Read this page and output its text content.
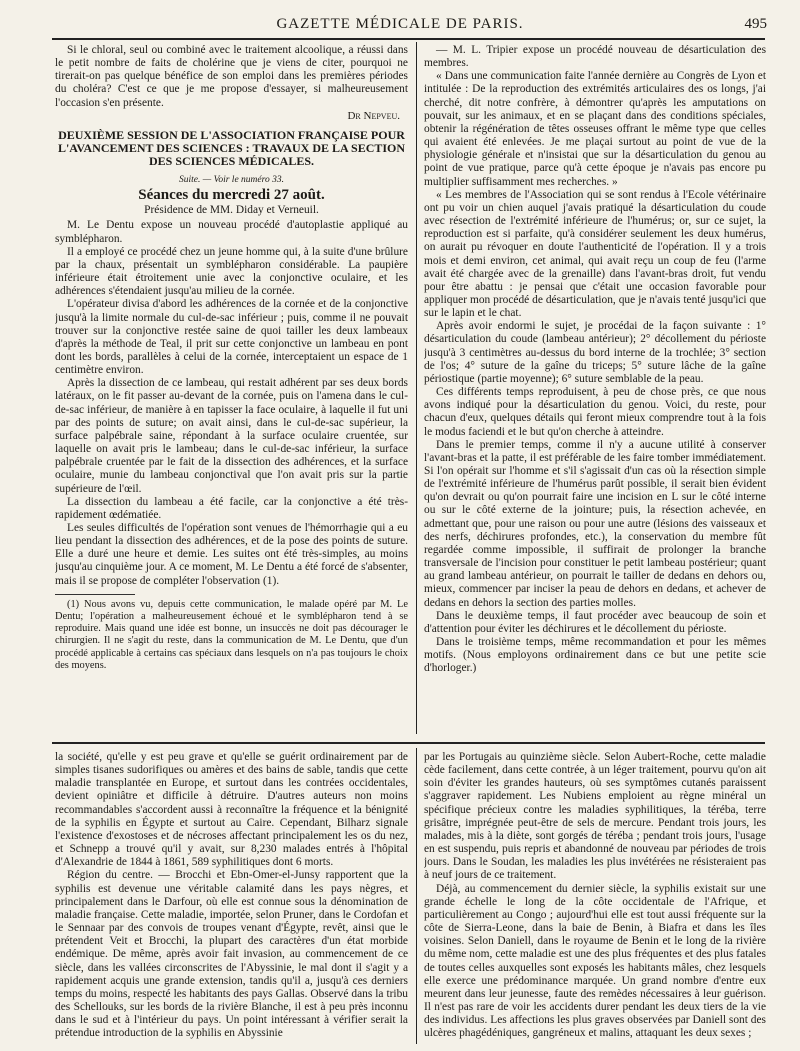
GAZETTE MÉDICALE DE PARIS.	495

Si le chloral, seul ou combiné avec le traitement alcoolique, a réussi dans le petit nombre de faits de cholérine que je viens de citer, pourquoi ne tirerait-on pas quelque bénéfice de son emploi dans les premières périodes du choléra? C'est ce que je me propose d'essayer, si malheureusement l'occasion s'en présente.

Dr Nepveu.
DEUXIÈME SESSION DE L'ASSOCIATION FRANÇAISE POUR L'AVANCEMENT DES SCIENCES : TRAVAUX DE LA SECTION DES SCIENCES MÉDICALES.
Suite. — Voir le numéro 33.
Séances du mercredi 27 août.
Présidence de MM. Diday et Verneuil.

M. Le Dentu expose un nouveau procédé d'autoplastie appliqué au symblépharon.

Il a employé ce procédé chez un jeune homme qui, à la suite d'une brûlure par la chaux, présentait un symblépharon considérable. La paupière inférieure était étroitement unie avec la conjonctive oculaire, et les adhérences s'étendaient jusqu'au milieu de la cornée.

L'opérateur divisa d'abord les adhérences de la cornée et de la conjonctive jusqu'à la limite normale du cul-de-sac inférieur ; puis, comme il ne pouvait trouver sur la conjonctive restée saine de quoi tailler les deux lambeaux d'après la méthode de Teal, il prit sur cette conjonctive un lambeau en pont dont les bords, parallèles à celui de la cornée, interceptaient un espace de 1 centimètre environ.

Après la dissection de ce lambeau, qui restait adhérent par ses deux bords latéraux, on le fit passer au-devant de la cornée, puis on l'amena dans le cul-de-sac inférieur, de manière à en tapisser la face oculaire, à laquelle il fut uni par des points de suture; on avait ainsi, dans le cul-de-sac supérieur, la surface palpébrale saine, répondant à la surface oculaire cruentée, sur laquelle on avait pris le lambeau; dans le cul-de-sac inférieur, la surface palpébrale cruentée par le fait de la dissection des adhérences, et la surface oculaire, munie du lambeau conjonctival que l'on avait pris sur la partie supérieure de l'œil.

La dissection du lambeau a été facile, car la conjonctive a été très-rapidement œdématiée.

Les seules difficultés de l'opération sont venues de l'hémorrhagie qui a eu lieu pendant la dissection des adhérences, et de la pose des points de suture. Elle a duré une heure et demie. Les suites ont été très-simples, au moins jusqu'au cinquième jour. A ce moment, M. Le Dentu a été forcé de s'absenter, mais il se propose de compléter l'observation (1).

(1) Nous avons vu, depuis cette communication, le malade opéré par M. Le Dentu; l'opération a malheureusement échoué et le symblépharon tend à se reproduire. Mais quand une idée est bonne, un insuccès ne doit pas décourager le chirurgien. Il ne s'agit du reste, dans la communication de M. Le Dentu, que d'un procédé applicable à certains cas spéciaux dans lesquels on n'a pas toujours le choix des moyens.

— M. L. Tripier expose un procédé nouveau de désarticulation des membres.

« Dans une communication faite l'année dernière au Congrès de Lyon et intitulée : De la reproduction des extrémités articulaires des os longs, j'ai cherché, dit notre confrère, à démontrer qu'après les amputations on pouvait, sur les animaux, et en se plaçant dans des conditions spéciales, obtenir la régénération de têtes osseuses offrant le même type que celles qui avaient été enlevées. Je me plaçai surtout au point de vue de la physiologie générale et n'insistai que sur la désarticulation du genou au point de vue pratique, parce qu'à cette époque je n'avais pas encore pu multiplier suffisamment mes recherches. »

« Les membres de l'Association qui se sont rendus à l'Ecole vétérinaire ont pu voir un chien auquel j'avais pratiqué la désarticulation du coude avec résection de l'extrémité inférieure de l'humérus; or, sur ce sujet, la reproduction est si parfaite, qu'à considérer seulement les deux humérus, on aurait pu révoquer en doute l'authenticité de l'opération. Il y a trois mois et demi environ, cet animal, qui avait reçu un coup de feu (l'arme avait été chargée avec de la grenaille) dans l'avant-bras droit, fut vendu pour être abattu : je pensai que c'était une occasion favorable pour appliquer mon procédé de désarticulation, que je n'avais tenté jusqu'ici que sur le lapin et le chat.

Après avoir endormi le sujet, je procédai de la façon suivante : 1° désarticulation du coude (lambeau antérieur); 2° décollement du périoste jusqu'à 3 centimètres au-dessus du bord interne de la trochlée; 3° section de l'os; 4° suture de la gaîne du triceps; 5° suture lâche de la gaîne périostique (partie moyenne); 6° suture semblable de la peau.

Ces différents temps reproduisent, à peu de chose près, ce que nous avons indiqué pour la désarticulation du genou. Voici, du reste, pour chacun d'eux, quelques détails qui feront mieux comprendre tout à la fois le modus faciendi et le but qu'on cherche à atteindre.

Dans le premier temps, comme il n'y a aucune utilité à conserver l'avant-bras et la patte, il est préférable de les faire tomber immédiatement. Si l'on opérait sur l'homme et s'il s'agissait d'un cas où la résection simple de l'extrémité inférieure de l'humérus parût possible, il serait bien évident qu'on devrait ou qu'on pourrait faire une incision en L sur le côté interne ou sur le côté externe de la jointure; puis, la résection achevée, en admettant que, pour une raison ou pour une autre (lésions des vaisseaux et des nerfs, déchirures profondes, etc.), la conservation du membre fût regardée comme impossible, il suffirait de prolonger la branche transversale de l'incision pour constituer le petit lambeau postérieur; quant au grand lambeau antérieur, on pourrait le tailler de dedans en dehors ou, mieux, commencer par inciser la peau de dehors en dedans, et achever de dedans en dehors la section des parties molles.

Dans le deuxième temps, il faut procéder avec beaucoup de soin et d'attention pour éviter les déchirures et le décollement du périoste.

Dans le troisième temps, même recommandation et pour les mêmes motifs. (Nous employons ordinairement dans ce but une petite scie d'horloger.)

la société, qu'elle y est peu grave et qu'elle se guérit ordinairement par de simples tisanes sudorifiques ou amères et des bains de sable, tandis que cette maladie transplantée en Europe, et surtout dans les contrées occidentales, devient opiniâtre et difficile à détruire. D'autres auteurs non moins recommandables s'accordent aussi à reconnaître la fréquence et la bénignité de la syphilis en Égypte et surtout au Caire. Cependant, Bilharz signale l'existence d'exostoses et de nécroses affectant principalement les os du nez, et Schnepp a trouvé qu'il y avait, sur 8,230 malades entrés à l'hôpital d'Alexandrie de 1844 à 1861, 589 syphilitiques dont 6 morts.

Région du centre. — Brocchi et Ebn-Omer-el-Junsy rapportent que la syphilis est devenue une véritable calamité dans les pays nègres, et principalement dans le Darfour, où elle est connue sous la dénomination de maladie française. Cette maladie, importée, selon Pruner, dans le Cordofan et le Sennaar par des convois de troupes venant d'Égypte, revêt, ainsi que le prétendent Veit et Brocchi, la plupart des caractères d'un état morbide endémique. De même, après avoir fait invasion, au commencement de ce siècle, dans les vallées circonscrites de l'Abyssinie, le mal dont il s'agit y a rapidement acquis une grande extension, tandis qu'il a, jusqu'à ces derniers temps du moins, respecté les habitants des pays Gallas. Observé dans la tribu des Schellouks, sur les bords de la rivière Blanche, il est à peu près inconnu dans le sud et à l'intérieur du pays. Un point intéressant à vérifier serait la prétendue introduction de la syphilis en Abyssinie

par les Portugais au quinzième siècle. Selon Aubert-Roche, cette maladie cède facilement, dans cette contrée, à un léger traitement, pourvu qu'on ait soin d'éviter les grandes hauteurs, où ses symptômes cutanés paraissent s'aggraver rapidement. Les Nubiens emploient au règne minéral un spécifique précieux contre les maladies syphilitiques, la téréba, terre grisâtre, imprégnée peut-être de sels de mercure. Pendant trois jours, les malades, mis à la diète, sont gorgés de téréba ; pendant trois jours, l'usage en est suspendu, puis repris et abandonné de nouveau par périodes de trois jours. Dans le Soudan, les maladies les plus invétérées ne résisteraient pas à neuf jours de ce traitement.

Déjà, au commencement du dernier siècle, la syphilis existait sur une grande échelle le long de la côte occidentale de l'Afrique, et particulièrement au Congo ; aujourd'hui elle est tout aussi fréquente sur la côte de Sierra-Leone, dans la baie de Benin, à Biafra et dans les îles voisines. Selon Daniell, dans le royaume de Benin et le long de la rivière du même nom, cette maladie est une des plus fréquentes et des plus fatales de toutes celles auxquelles sont exposés les habitants mâles, chez lesquels elle exerce une prédominance marquée. Un grand nombre d'entre eux meurent dans leur jeunesse, faute des remèdes nécessaires à leur guérison. Il n'est pas rare de voir les accidents durer pendant les deux tiers de la vie des individus. Les affections les plus graves observées par Daniell sont des ulcères phagédéniques, gangréneux et malins, attaquant les deux sexes ;
